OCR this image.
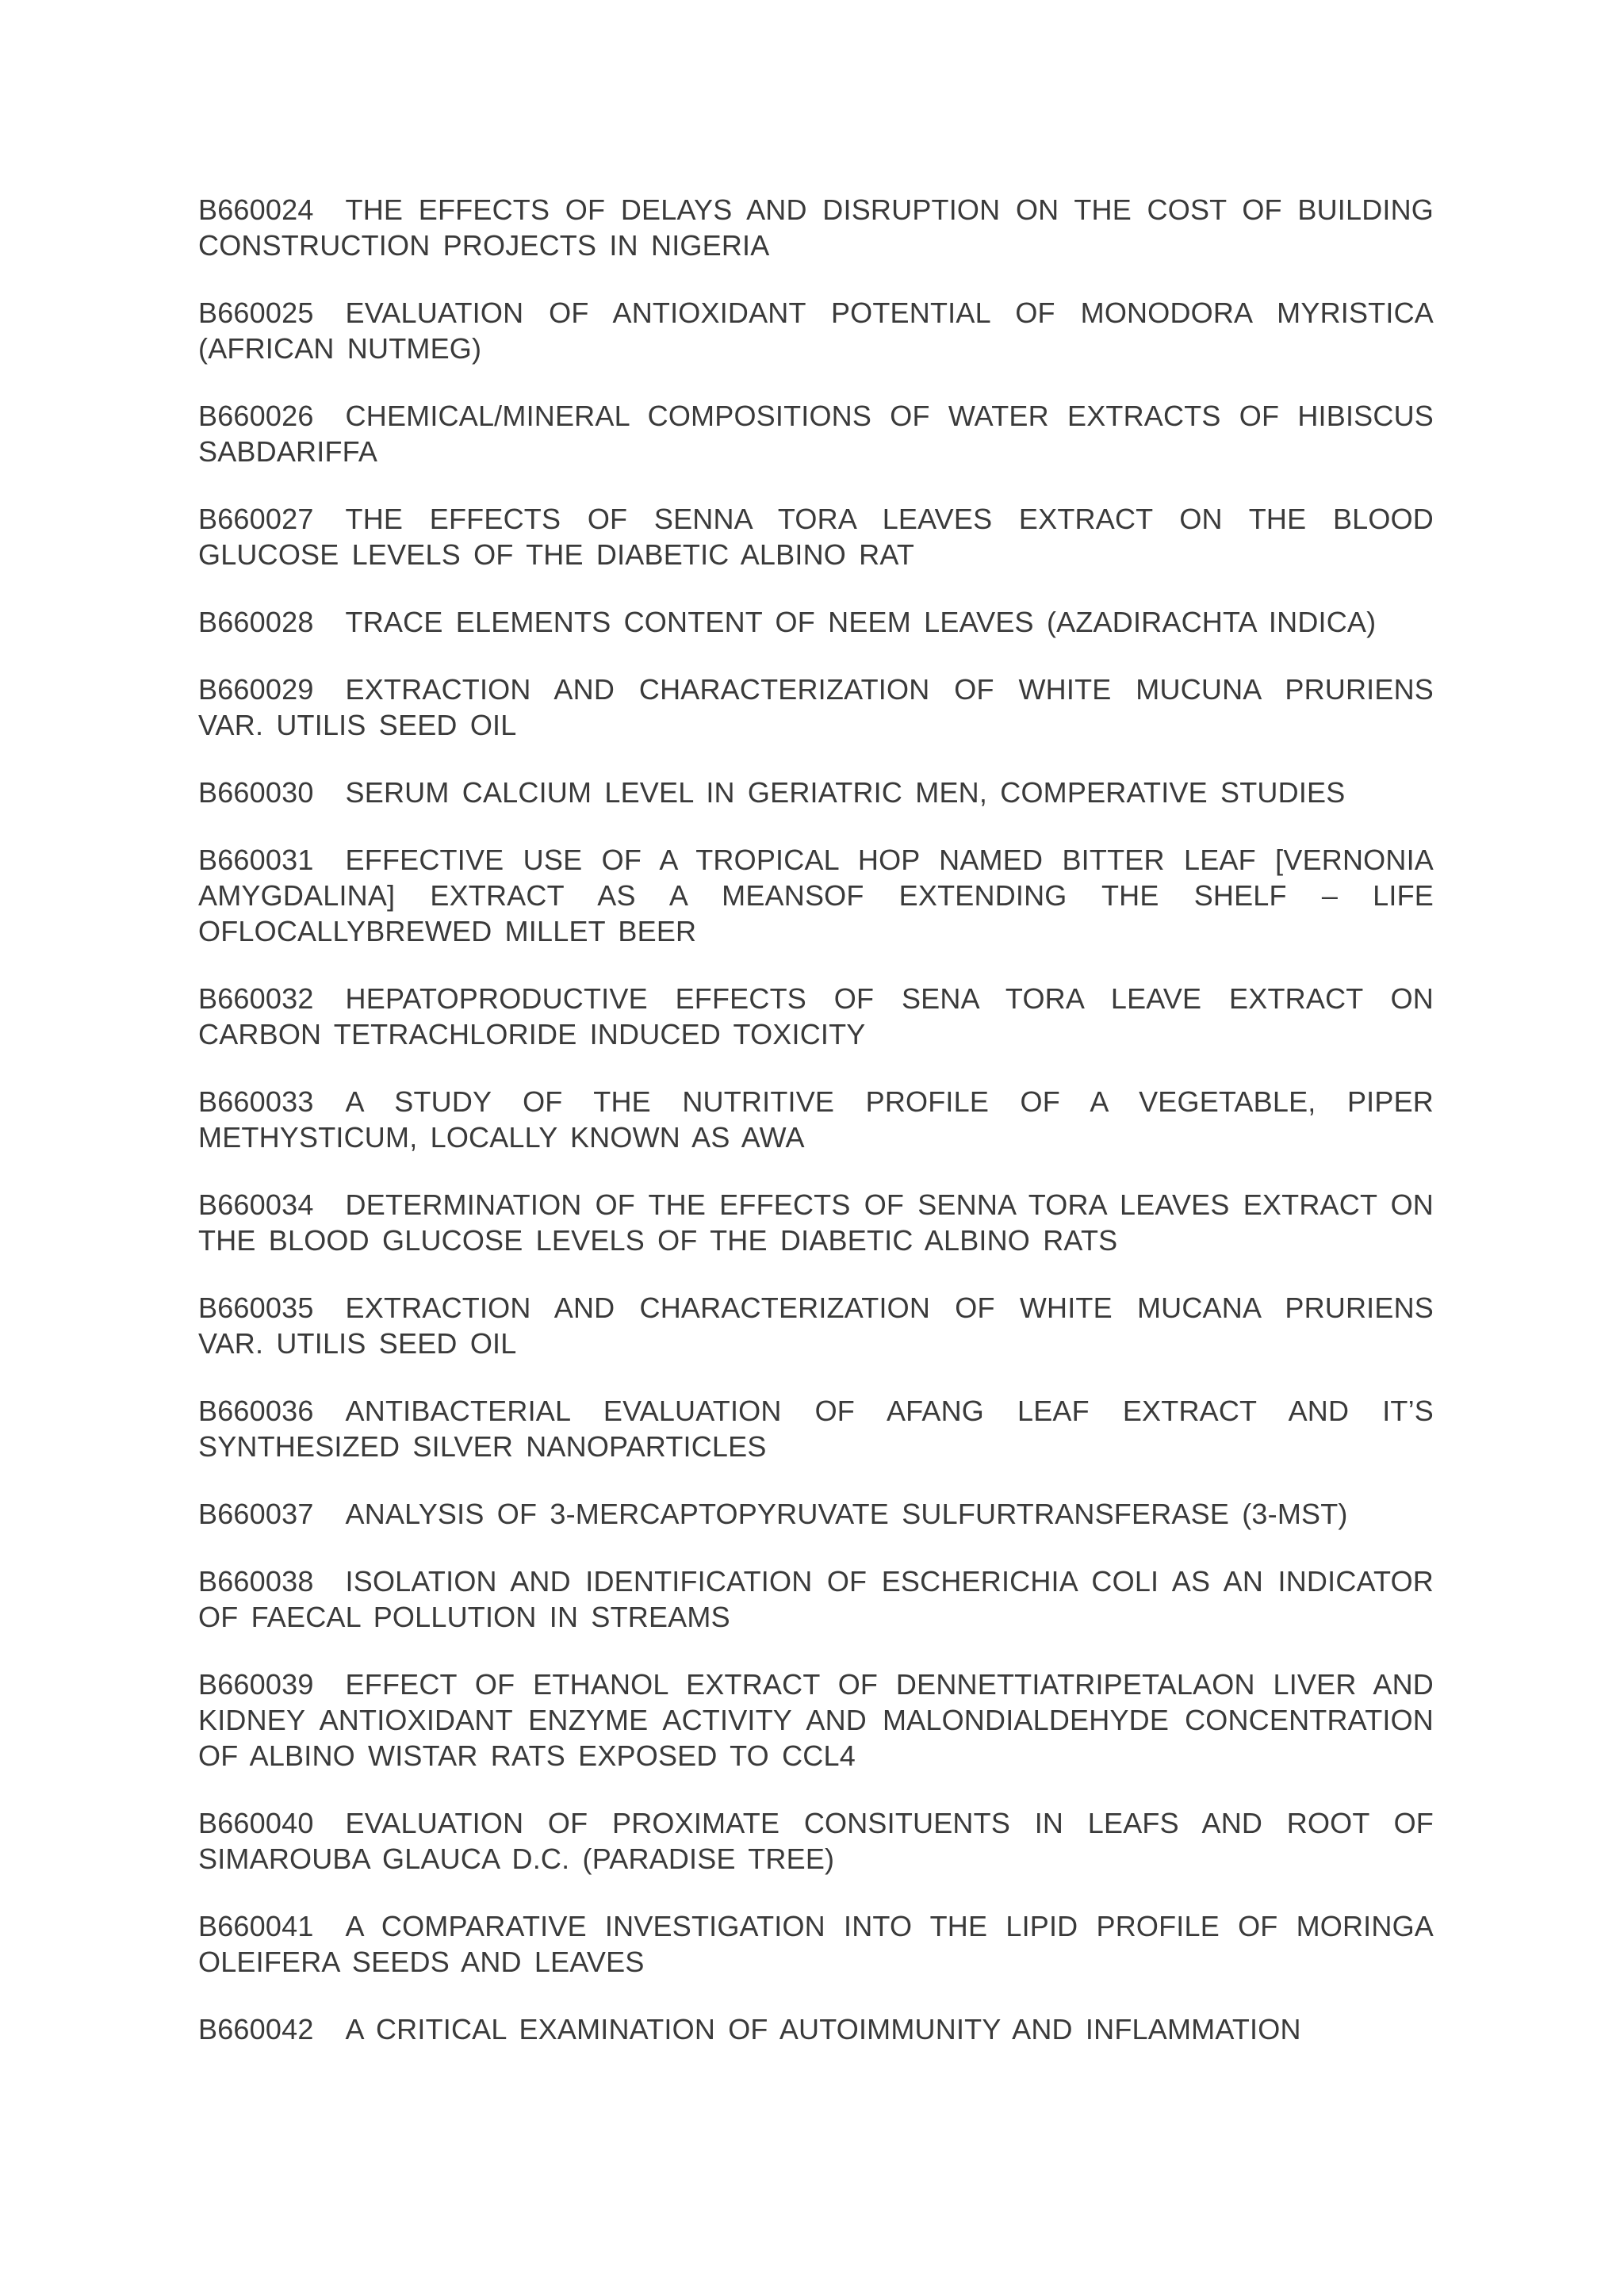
B660024 THE EFFECTS OF DELAYS AND DISRUPTION ON THE COST OF BUILDING CONSTRUCTION PROJECTS IN NIGERIA
B660025 EVALUATION OF ANTIOXIDANT POTENTIAL OF MONODORA MYRISTICA (AFRICAN NUTMEG)
B660026 CHEMICAL/MINERAL COMPOSITIONS OF WATER EXTRACTS OF HIBISCUS SABDARIFFA
B660027 THE EFFECTS OF SENNA TORA LEAVES EXTRACT ON THE BLOOD GLUCOSE LEVELS OF THE DIABETIC ALBINO RAT
B660028 TRACE ELEMENTS CONTENT OF NEEM LEAVES (AZADIRACHTA INDICA)
B660029 EXTRACTION AND CHARACTERIZATION OF WHITE MUCUNA PRURIENS VAR. UTILIS SEED OIL
B660030 SERUM CALCIUM LEVEL IN GERIATRIC MEN, COMPERATIVE STUDIES
B660031 EFFECTIVE USE OF A TROPICAL HOP NAMED BITTER LEAF [VERNONIA AMYGDALINA] EXTRACT AS A MEANSOF EXTENDING THE SHELF – LIFE OFLOCALLYBREWED MILLET BEER
B660032 HEPATOPRODUCTIVE EFFECTS OF SENA TORA LEAVE EXTRACT ON CARBON TETRACHLORIDE INDUCED TOXICITY
B660033 A STUDY OF THE NUTRITIVE PROFILE OF A VEGETABLE, PIPER METHYSTICUM, LOCALLY KNOWN AS AWA
B660034 DETERMINATION OF THE EFFECTS OF SENNA TORA LEAVES EXTRACT ON THE BLOOD GLUCOSE LEVELS OF THE DIABETIC ALBINO RATS
B660035 EXTRACTION AND CHARACTERIZATION OF WHITE MUCANA PRURIENS VAR. UTILIS SEED OIL
B660036 ANTIBACTERIAL EVALUATION OF AFANG LEAF EXTRACT AND IT’S SYNTHESIZED SILVER NANOPARTICLES
B660037 ANALYSIS OF 3-MERCAPTOPYRUVATE SULFURTRANSFERASE (3-MST)
B660038 ISOLATION AND IDENTIFICATION OF ESCHERICHIA COLI AS AN INDICATOR OF FAECAL POLLUTION IN STREAMS
B660039 EFFECT OF ETHANOL EXTRACT OF DENNETTIATRIPETALAON LIVER AND KIDNEY ANTIOXIDANT ENZYME ACTIVITY AND MALONDIALDEHYDE CONCENTRATION OF ALBINO WISTAR RATS EXPOSED TO CCL4
B660040 EVALUATION OF PROXIMATE CONSITUENTS IN LEAFS AND ROOT OF SIMAROUBA GLAUCA D.C. (PARADISE TREE)
B660041 A COMPARATIVE INVESTIGATION INTO THE LIPID PROFILE OF MORINGA OLEIFERA SEEDS AND LEAVES
B660042 A CRITICAL EXAMINATION OF AUTOIMMUNITY AND INFLAMMATION
